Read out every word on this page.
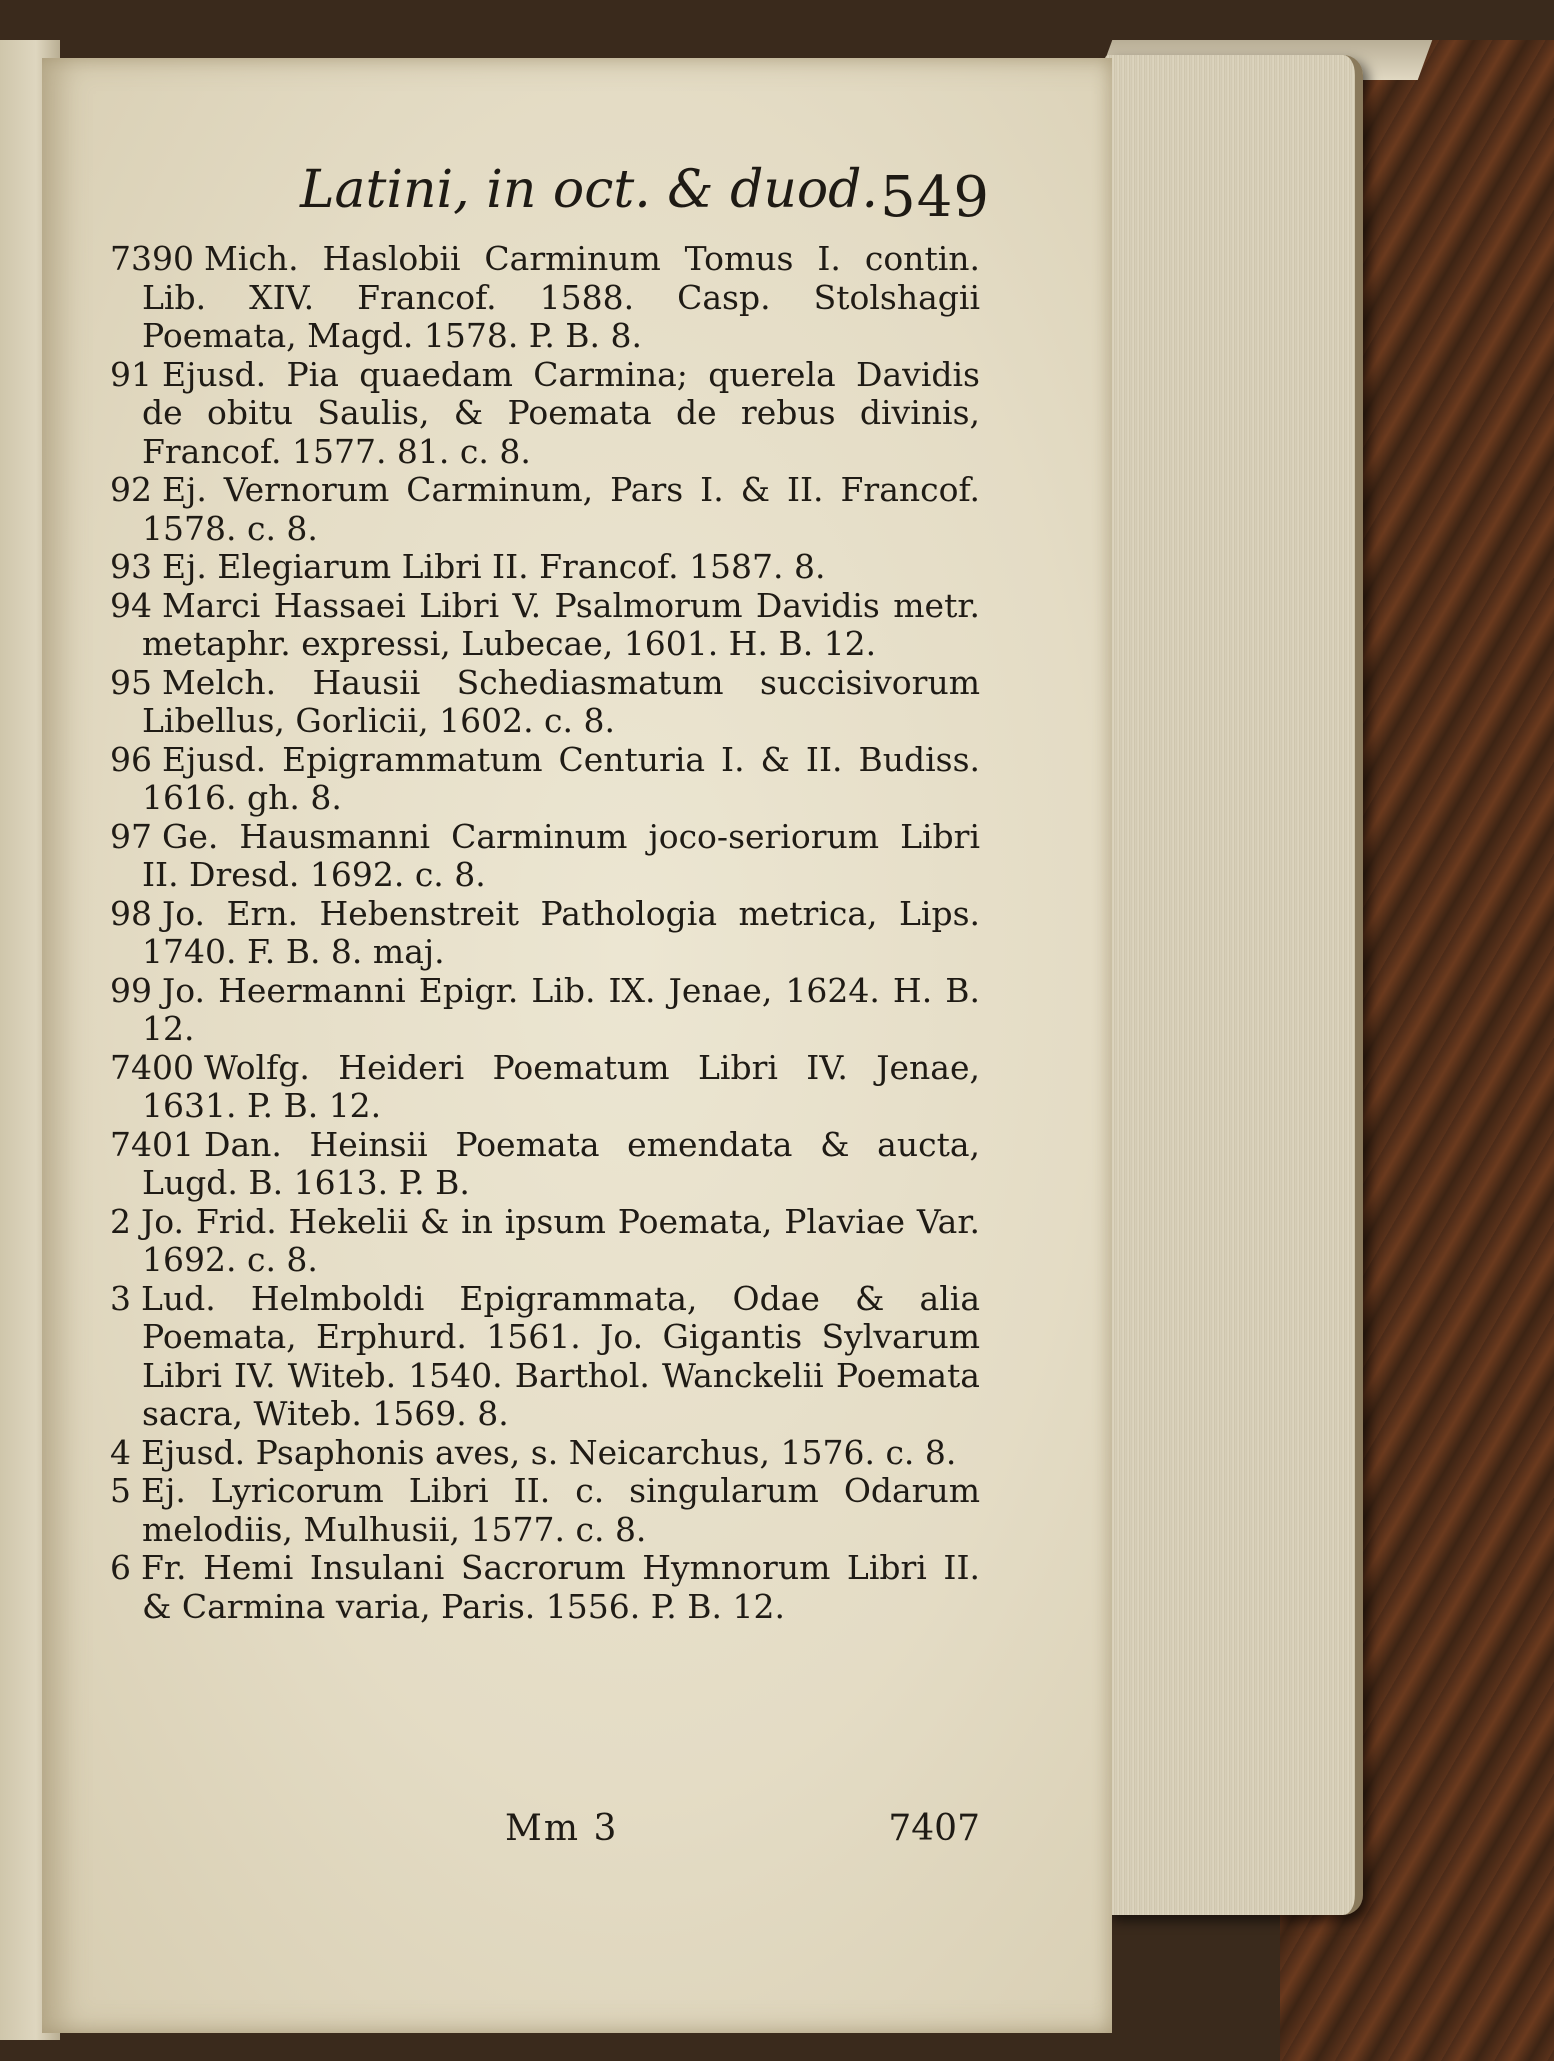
Latini, in oct. & duod. 549
7390 Mich. Haslobii Carminum Tomus I. contin. Lib. XIV. Francof. 1588. Casp. Stolshagii Poemata, Magd. 1578. P. B. 8.
91 Ejusd. Pia quaedam Carmina; querela Davidis de obitu Saulis, & Poemata de rebus divinis, Francof. 1577. 81. c. 8.
92 Ej. Vernorum Carminum, Pars I. & II. Francof. 1578. c. 8.
93 Ej. Elegiarum Libri II. Francof. 1587. 8.
94 Marci Hassaei Libri V. Psalmorum Davidis metr. metaphr. expressi, Lubecae, 1601. H. B. 12.
95 Melch. Hausii Schediasmatum succisivorum Libellus, Gorlicii, 1602. c. 8.
96 Ejusd. Epigrammatum Centuria I. & II. Budiss. 1616. gh. 8.
97 Ge. Hausmanni Carminum joco-seriorum Libri II. Dresd. 1692. c. 8.
98 Jo. Ern. Hebenstreit Pathologia metrica, Lips. 1740. F. B. 8. maj.
99 Jo. Heermanni Epigr. Lib. IX. Jenae, 1624. H. B. 12.
7400 Wolfg. Heideri Poematum Libri IV. Jenae, 1631. P. B. 12.
7401 Dan. Heinsii Poemata emendata & aucta, Lugd. B. 1613. P. B.
2 Jo. Frid. Hekelii & in ipsum Poemata, Plaviae Var. 1692. c. 8.
3 Lud. Helmboldi Epigrammata, Odae & alia Poemata, Erphurd. 1561. Jo. Gigantis Sylvarum Libri IV. Witeb. 1540. Barthol. Wanckelii Poemata sacra, Witeb. 1569. 8.
4 Ejusd. Psaphonis aves, s. Neicarchus, 1576. c. 8.
5 Ej. Lyricorum Libri II. c. singularum Odarum melodiis, Mulhusii, 1577. c. 8.
6 Fr. Hemi Insulani Sacrorum Hymnorum Libri II. & Carmina varia, Paris. 1556. P. B. 12.
Mm 3	7407
